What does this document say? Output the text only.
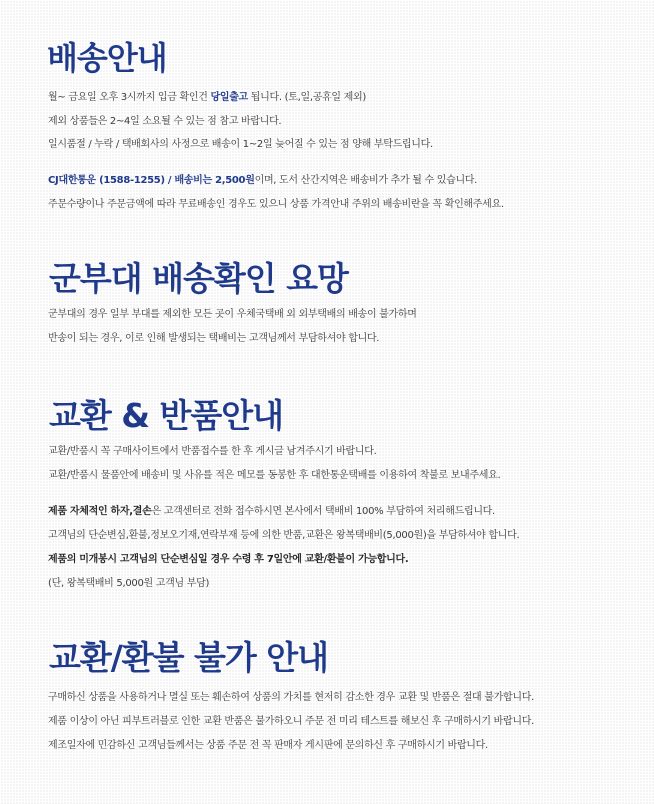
배송안내
월~ 금요일 오후 3시까지 입금 확인건 당일출고 됩니다. (토,일,공휴일 제외)
제외 상품들은 2~4일 소요될 수 있는 점 참고 바랍니다.
일시품절 / 누락 / 택배회사의 사정으로 배송이 1~2일 늦어질 수 있는 점 양해 부탁드립니다.
CJ대한통운 (1588-1255) / 배송비는 2,500원이며, 도서 산간지역은 배송비가 추가 될 수 있습니다.
주문수량이나 주문금액에 따라 무료배송인 경우도 있으니 상품 가격안내 주위의 배송비란을 꼭 확인해주세요.
군부대 배송확인 요망
군부대의 경우 일부 부대를 제외한 모든 곳이 우체국택배 외 외부택배의 배송이 불가하며
반송이 되는 경우, 이로 인해 발생되는 택배비는 고객님께서 부담하셔야 합니다.
교환 & 반품안내
교환/반품시 꼭 구매사이트에서 반품접수를 한 후 게시글 남겨주시기 바랍니다.
교환/반품시 물품안에 배송비 및 사유를 적은 메모를 동봉한 후 대한통운택배를 이용하여 착불로 보내주세요.
제품 자체적인 하자,결손은 고객센터로 전화 접수하시면 본사에서 택배비 100% 부담하여 처리해드립니다.
고객님의 단순변심,환불,정보오기재,연락부재 등에 의한 반품,교환은 왕복택배비(5,000원)을 부담하셔야 합니다.
제품의 미개봉시 고객님의 단순변심일 경우 수령 후 7일안에 교환/환불이 가능합니다.
(단, 왕복택배비 5,000원 고객님 부담)
교환/환불 불가 안내
구매하신 상품을 사용하거나 멸실 또는 훼손하여 상품의 가치를 현저히 감소한 경우 교환 및 반품은 절대 불가합니다.
제품 이상이 아닌 피부트러블로 인한 교환 반품은 불가하오니 주문 전 미리 테스트를 해보신 후 구매하시기 바랍니다.
제조일자에 민감하신 고객님들께서는 상품 주문 전 꼭 판매자 게시판에 문의하신 후 구매하시기 바랍니다.
